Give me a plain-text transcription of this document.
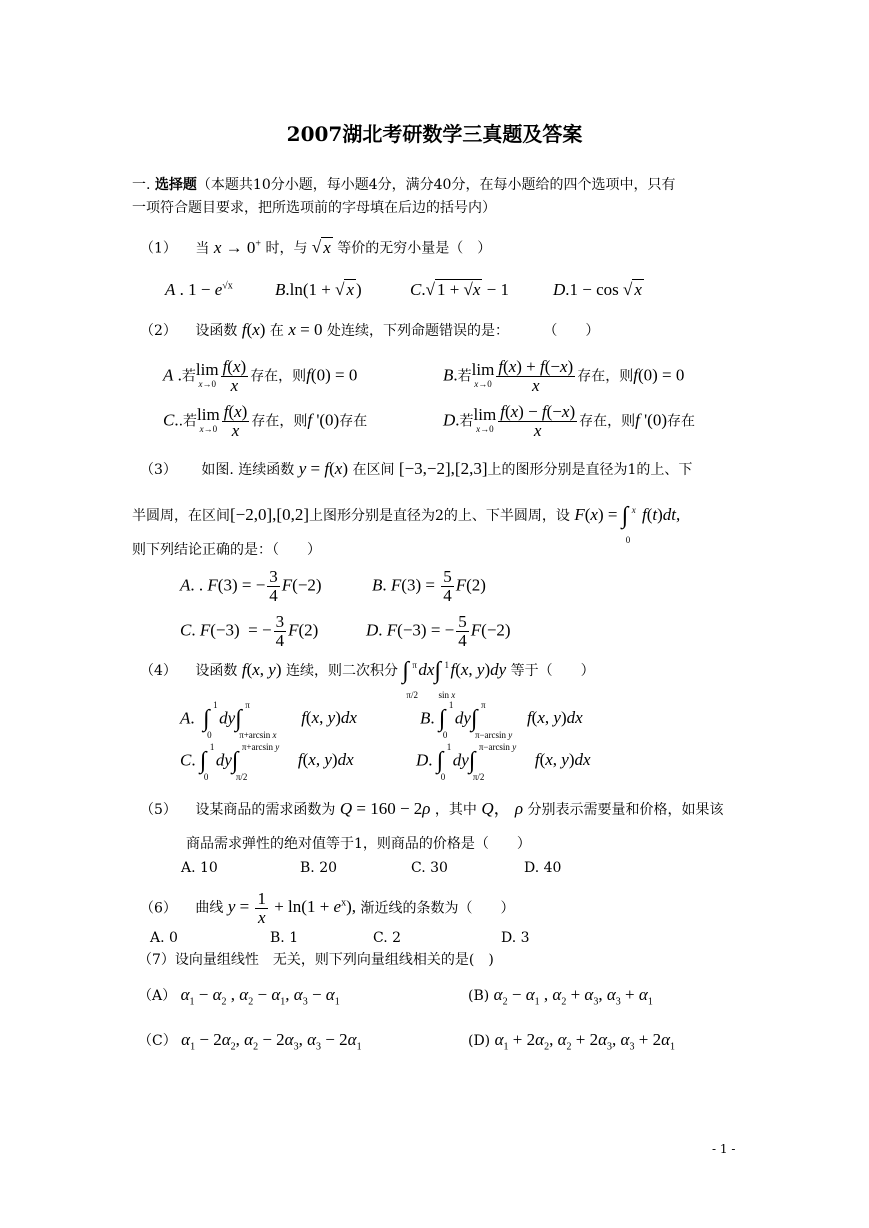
2007湖北考研数学三真题及答案
一. 选择题（本题共10分小题，每小题4分，满分40分，在每小题给的四个选项中，只有
一项符合题目要求，把所选项前的字母填在后边的括号内）
（1） 当 x → 0+ 时，与 √ x 等价的无穷小量是（　）
A . $1 - e^{√x}$ B.ln(1 + √ x )	C.√ 1 + √x − 1	D.1 − cos √ x
（2） 设函数 f(x) 在 x = 0 处连续，下列命题错误的是： （　　）
A .若lim
$x\to 0 \frac{f(x)}{x}$ 存在，则f(0) = 0	B.若lim
$x\to 0 \frac{f(x) + f(-x)}{x}$ 存在，则f(0) = 0
C..若lim
$x\to 0 \frac{f(x)}{x}$ 存在，则f '(0)存在	D.若lim
$x\to 0 \frac{f(x) - f(-x)}{x}$ 存在，则f '(0)存在
（3） 如图. 连续函数 y = f(x) 在区间 [−3,−2],[2,3]上的图形分别是直径为1的上、下
半圆周，在区间[−2,0],[0,2]上图形分别是直径为2的上、下半圆周，设 F(x) = ∫ x
0
f(t)dt,
则下列结论正确的是：（　　）
A. . F(3) = − $\frac{3}{4} F(-2)$	B. $F(3) = \frac{5}{4} F(2)$
C. F(−3)  = − $\frac{3}{4} F(2)$	D. F(−3) = − $\frac{5}{4} F(-2)$
（4） 设函数 f(x, y) 连续，则二次积分 ∫ π
π/2
dx∫ 1
sin x
f(x, y)dy 等于（　　）
A.  ∫
1
0
dy∫
π
π+arcsin x
f(x, y)dx	B. ∫
1
0
dy∫
π
π−arcsin y
f(x, y)dx
C. ∫
1
0
dy∫
π+arcsin y
π/2
f(x, y)dx	D. ∫
1
0
dy∫
π−arcsin y
π/2
f(x, y)dx
（5） 设某商品的需求函数为 Q = 160 − 2ρ ，其中 Q， ρ 分别表示需要量和价格，如果该
商品需求弹性的绝对值等于1，则商品的价格是（　　）
A. 10	B. 20	C. 30	D. 40
（6） 曲线 $y = \frac{1}{x} + \ln(1 + e^x)$, 渐近线的条数为（　　）
A. 0	B. 1	C. 2	D. 3
（7）设向量组线性　无关，则下列向量组线相关的是(　)
（A） $\alpha_1 - \alpha_2$ , $\alpha_2 - \alpha_1$, $\alpha_3 - \alpha_1$	(B) $\alpha_2 - \alpha_1$ , $\alpha_2 + \alpha_3$, $\alpha_3 + \alpha_1$
（C） $\alpha_1 - 2\alpha_2$, $\alpha_2 - 2\alpha_3$, $\alpha_3 - 2\alpha_1$	(D) $\alpha_1 + 2\alpha_2$, $\alpha_2 + 2\alpha_3$, $\alpha_3 + 2\alpha_1$
- 1 -
